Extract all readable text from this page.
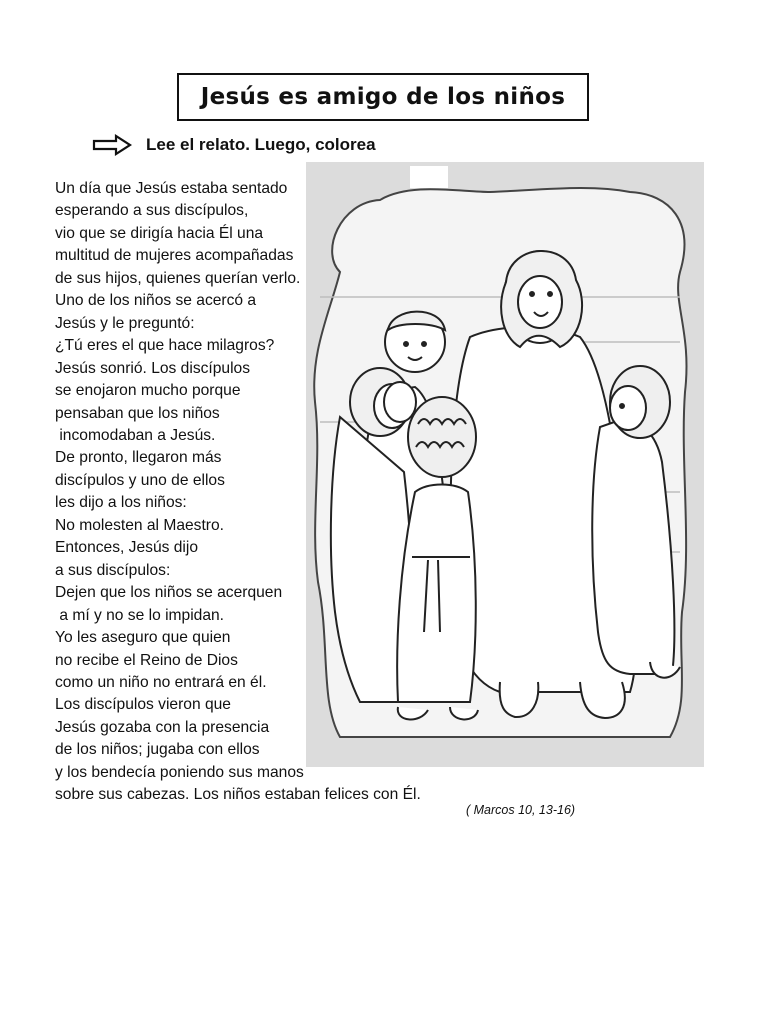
Jesús es amigo de los niños
Lee el relato. Luego, colorea
Un día que Jesús estaba sentado
esperando a sus discípulos,
vio que se dirigía hacia Él una
multitud de mujeres acompañadas
de sus hijos, quienes querían verlo.
Uno de los niños se acercó a
Jesús y le preguntó:
¿Tú eres el que hace milagros?
Jesús sonrió. Los discípulos
se enojaron mucho porque
pensaban que los niños
incomodaban a Jesús.
De pronto, llegaron más
discípulos y uno de ellos
les dijo a los niños:
No molesten al Maestro.
Entonces, Jesús dijo
a sus discípulos:
Dejen que los niños se acerquen
a mí y no se lo impidan.
Yo les aseguro que quien
no recibe el Reino de Dios
como un niño no entrará en él.
Los discípulos vieron que
Jesús gozaba con la presencia
de los niños; jugaba con ellos
y los bendecía poniendo sus manos
sobre sus cabezas. Los niños estaban felices con Él.
( Marcos 10, 13-16)
